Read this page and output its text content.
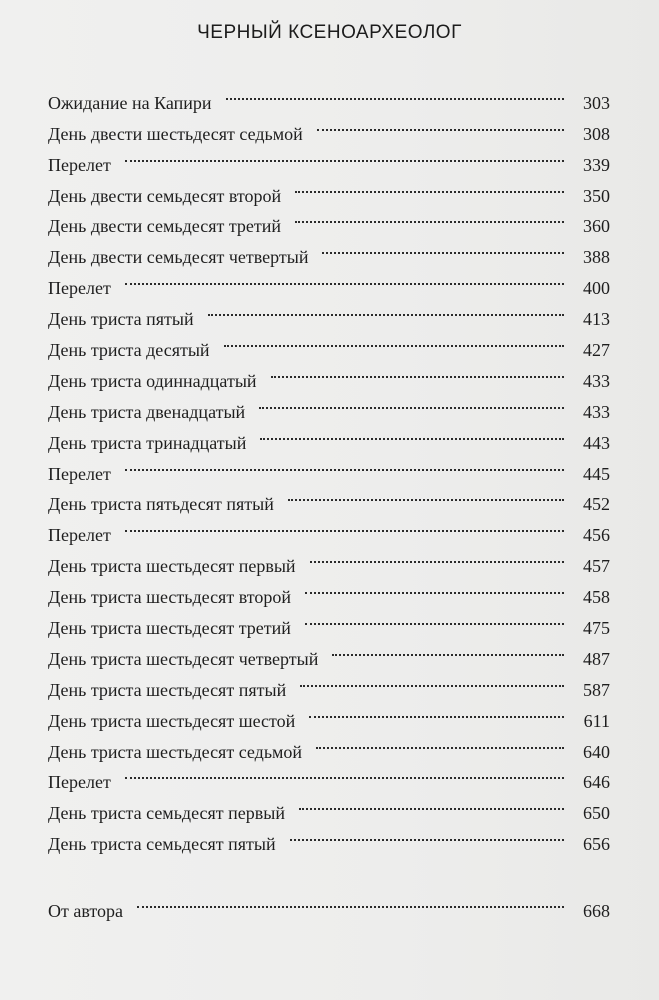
ЧЕРНЫЙ КСЕНОАРХЕОЛОГ
Ожидание на Капири	303
День двести шестьдесят седьмой	308
Перелет	339
День двести семьдесят второй	350
День двести семьдесят третий	360
День двести семьдесят четвертый	388
Перелет	400
День триста пятый	413
День триста десятый	427
День триста одиннадцатый	433
День триста двенадцатый	433
День триста тринадцатый	443
Перелет	445
День триста пятьдесят пятый	452
Перелет	456
День триста шестьдесят первый	457
День триста шестьдесят второй	458
День триста шестьдесят третий	475
День триста шестьдесят четвертый	487
День триста шестьдесят пятый	587
День триста шестьдесят шестой	611
День триста шестьдесят седьмой	640
Перелет	646
День триста семьдесят первый	650
День триста семьдесят пятый	656
От автора	668
